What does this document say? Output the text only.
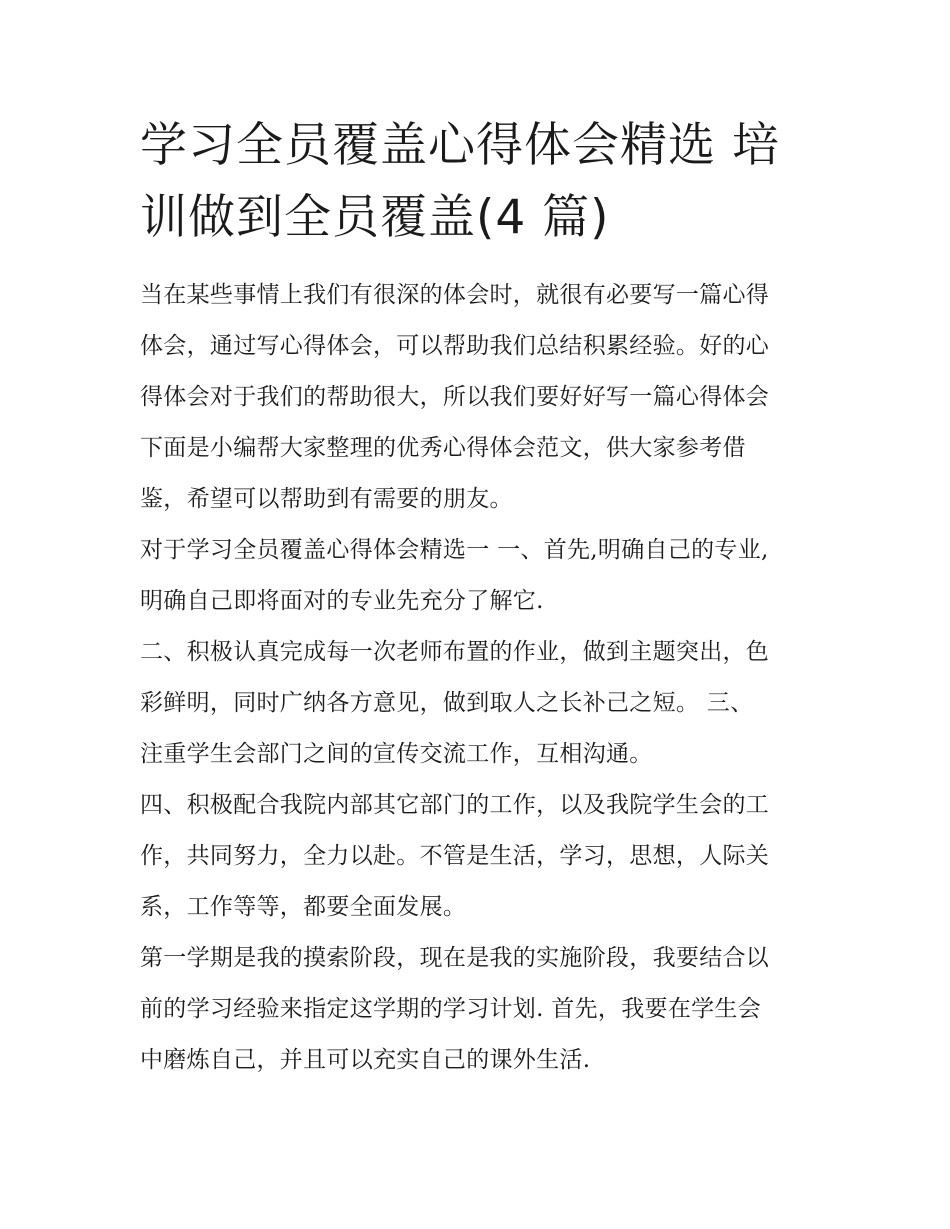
学习全员覆盖心得体会精选 培
训做到全员覆盖(4 篇)

当在某些事情上我们有很深的体会时，就很有必要写一篇心得
体会，通过写心得体会，可以帮助我们总结积累经验。好的心
得体会对于我们的帮助很大，所以我们要好好写一篇心得体会
下面是小编帮大家整理的优秀心得体会范文，供大家参考借
鉴，希望可以帮助到有需要的朋友。

对于学习全员覆盖心得体会精选一 一、首先,明确自己的专业,
明确自己即将面对的专业先充分了解它.

二、积极认真完成每一次老师布置的作业，做到主题突出，色
彩鲜明，同时广纳各方意见，做到取人之长补己之短。 三、
注重学生会部门之间的宣传交流工作，互相沟通。

四、积极配合我院内部其它部门的工作，以及我院学生会的工
作，共同努力，全力以赴。不管是生活，学习，思想，人际关
系，工作等等，都要全面发展。

第一学期是我的摸索阶段，现在是我的实施阶段，我要结合以
前的学习经验来指定这学期的学习计划. 首先，我要在学生会
中磨炼自己，并且可以充实自己的课外生活.
